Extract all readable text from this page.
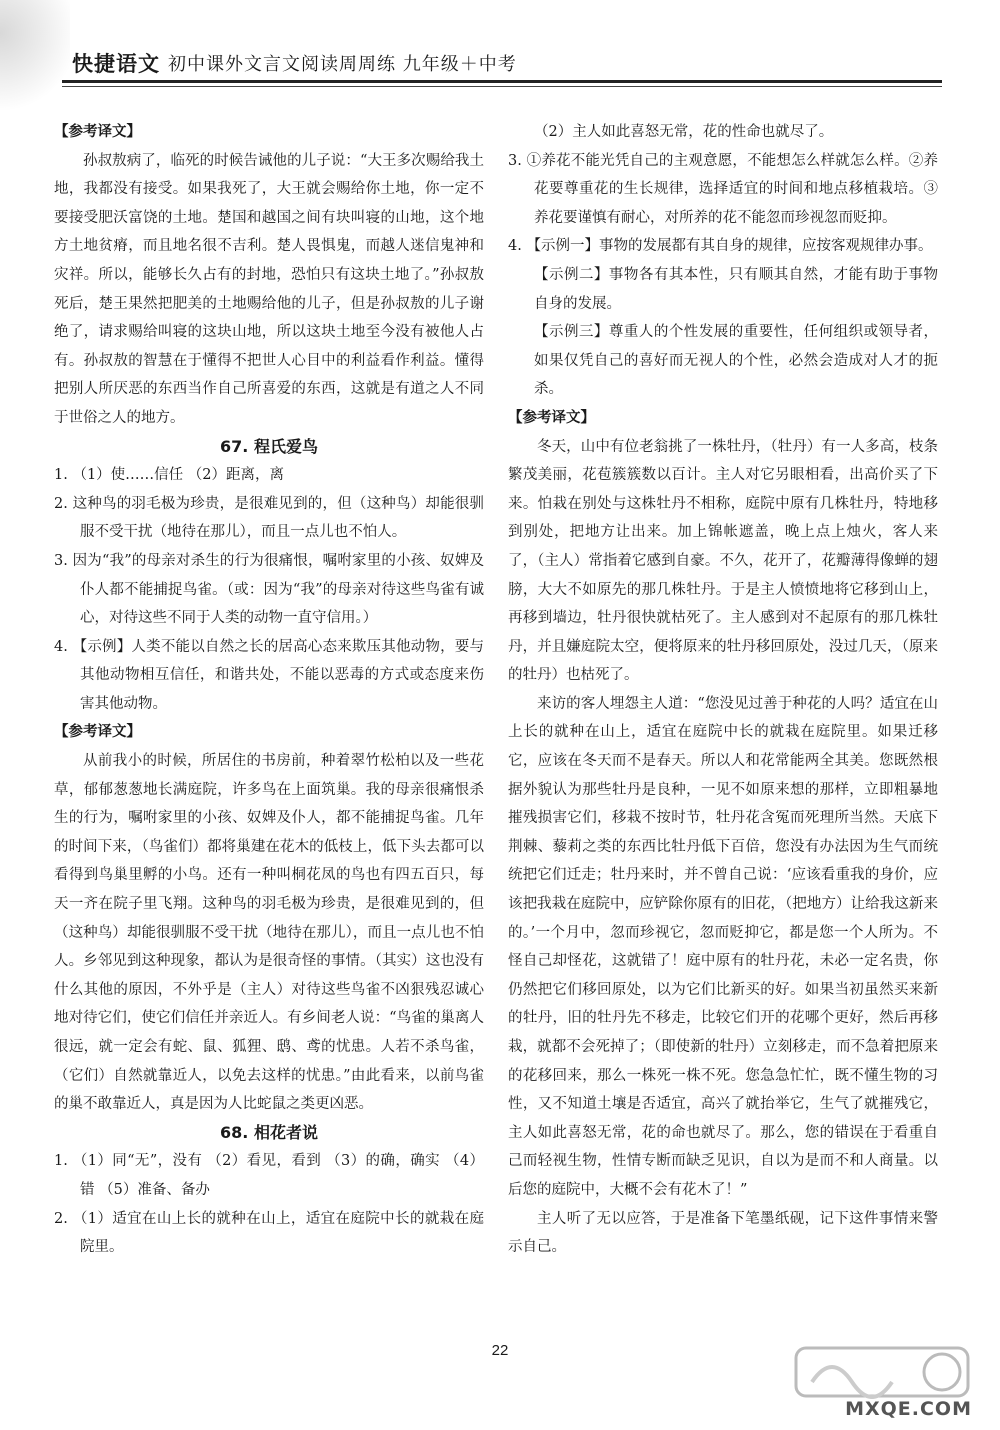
快捷语文 初中课外文言文阅读周周练 九年级＋中考

【参考译文】

孙叔敖病了，临死的时候告诫他的儿子说：“大王多次赐给我土地，我都没有接受。如果我死了，大王就会赐给你土地，你一定不要接受肥沃富饶的土地。楚国和越国之间有块叫寝的山地，这个地方土地贫瘠，而且地名很不吉利。楚人畏惧鬼，而越人迷信鬼神和灾祥。所以，能够长久占有的封地，恐怕只有这块土地了。”孙叔敖死后，楚王果然把肥美的土地赐给他的儿子，但是孙叔敖的儿子谢绝了，请求赐给叫寝的这块山地，所以这块土地至今没有被他人占有。孙叔敖的智慧在于懂得不把世人心目中的利益看作利益。懂得把别人所厌恶的东西当作自己所喜爱的东西，这就是有道之人不同于世俗之人的地方。

67. 程氏爱鸟

1. （1）使……信任 （2）距离，离

2. 这种鸟的羽毛极为珍贵，是很难见到的，但（这种鸟）却能很驯服不受干扰（地待在那儿），而且一点儿也不怕人。

3. 因为“我”的母亲对杀生的行为很痛恨，嘱咐家里的小孩、奴婢及仆人都不能捕捉鸟雀。（或：因为“我”的母亲对待这些鸟雀有诚心，对待这些不同于人类的动物一直守信用。）

4. 【示例】人类不能以自然之长的居高心态来欺压其他动物，要与其他动物相互信任，和谐共处，不能以恶毒的方式或态度来伤害其他动物。

【参考译文】

从前我小的时候，所居住的书房前，种着翠竹松柏以及一些花草，郁郁葱葱地长满庭院，许多鸟在上面筑巢。我的母亲很痛恨杀生的行为，嘱咐家里的小孩、奴婢及仆人，都不能捕捉鸟雀。几年的时间下来，（鸟雀们）都将巢建在花木的低枝上，低下头去都可以看得到鸟巢里孵的小鸟。还有一种叫桐花凤的鸟也有四五百只，每天一齐在院子里飞翔。这种鸟的羽毛极为珍贵，是很难见到的，但（这种鸟）却能很驯服不受干扰（地待在那儿），而且一点儿也不怕人。乡邻见到这种现象，都认为是很奇怪的事情。（其实）这也没有什么其他的原因，不外乎是（主人）对待这些鸟雀不凶狠残忍诚心地对待它们，使它们信任并亲近人。有乡间老人说：“鸟雀的巢离人很远，就一定会有蛇、鼠、狐狸、鸱、鸢的忧患。人若不杀鸟雀，（它们）自然就靠近人，以免去这样的忧患。”由此看来，以前鸟雀的巢不敢靠近人，真是因为人比蛇鼠之类更凶恶。

68. 相花者说

1. （1）同“无”，没有 （2）看见，看到 （3）的确，确实 （4）错 （5）准备、备办

2. （1）适宜在山上长的就种在山上，适宜在庭院中长的就栽在庭院里。

（2）主人如此喜怒无常，花的性命也就尽了。

3. ①养花不能光凭自己的主观意愿，不能想怎么样就怎么样。②养花要尊重花的生长规律，选择适宜的时间和地点移植栽培。③养花要谨慎有耐心，对所养的花不能忽而珍视忽而贬抑。

4. 【示例一】事物的发展都有其自身的规律，应按客观规律办事。

【示例二】事物各有其本性，只有顺其自然，才能有助于事物自身的发展。

【示例三】尊重人的个性发展的重要性，任何组织或领导者，如果仅凭自己的喜好而无视人的个性，必然会造成对人才的扼杀。

【参考译文】

冬天，山中有位老翁挑了一株牡丹，（牡丹）有一人多高，枝条繁茂美丽，花苞簇簇数以百计。主人对它另眼相看，出高价买了下来。怕栽在别处与这株牡丹不相称，庭院中原有几株牡丹，特地移到别处，把地方让出来。加上锦帐遮盖，晚上点上烛火，客人来了，（主人）常指着它感到自豪。不久，花开了，花瓣薄得像蝉的翅膀，大大不如原先的那几株牡丹。于是主人愤愤地将它移到山上，再移到墙边，牡丹很快就枯死了。主人感到对不起原有的那几株牡丹，并且嫌庭院太空，便将原来的牡丹移回原处，没过几天，（原来的牡丹）也枯死了。

来访的客人埋怨主人道：“您没见过善于种花的人吗？适宜在山上长的就种在山上，适宜在庭院中长的就栽在庭院里。如果迁移它，应该在冬天而不是春天。所以人和花常能两全其美。您既然根据外貌认为那些牡丹是良种，一见不如原来想的那样，立即粗暴地摧残损害它们，移栽不按时节，牡丹花含冤而死理所当然。天底下荆棘、藜莉之类的东西比牡丹低下百倍，您没有办法因为生气而统统把它们迁走；牡丹来时，并不曾自己说：‘应该看重我的身价，应该把我栽在庭院中，应铲除你原有的旧花，（把地方）让给我这新来的。’一个月中，忽而珍视它，忽而贬抑它，都是您一个人所为。不怪自己却怪花，这就错了！庭中原有的牡丹花，未必一定名贵，你仍然把它们移回原处，以为它们比新买的好。如果当初虽然买来新的牡丹，旧的牡丹先不移走，比较它们开的花哪个更好，然后再移栽，就都不会死掉了；（即使新的牡丹）立刻移走，而不急着把原来的花移回来，那么一株死一株不死。您急急忙忙，既不懂生物的习性，又不知道土壤是否适宜，高兴了就抬举它，生气了就摧残它，主人如此喜怒无常，花的命也就尽了。那么，您的错误在于看重自己而轻视生物，性情专断而缺乏见识，自以为是而不和人商量。以后您的庭院中，大概不会有花木了！”

主人听了无以应答，于是准备下笔墨纸砚，记下这件事情来警示自己。

22
MXQE.COM
